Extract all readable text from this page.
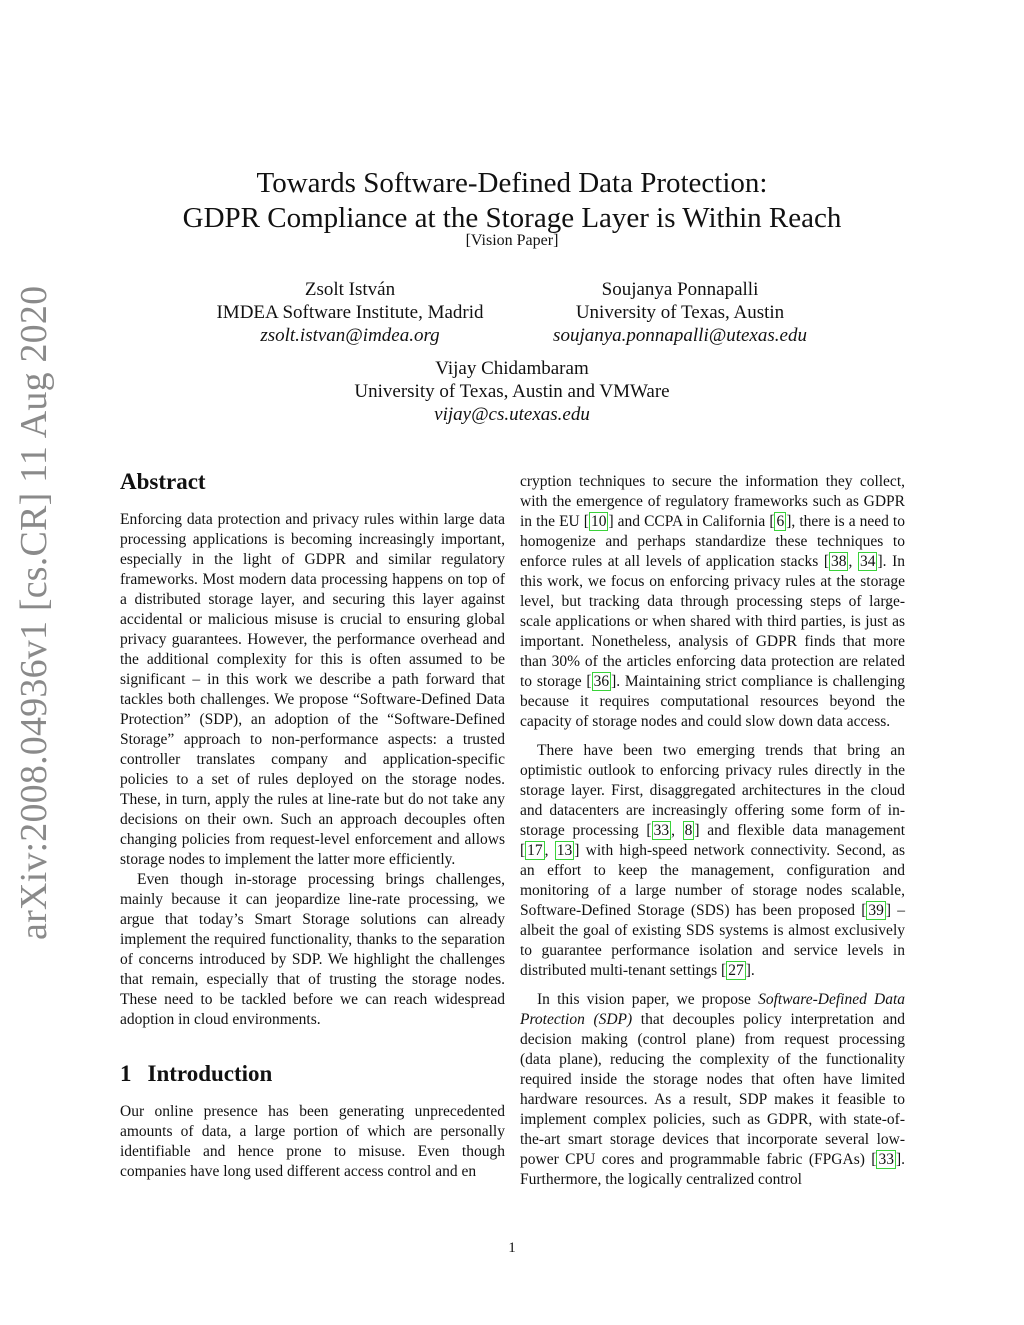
arXiv:2008.04936v1 [cs.CR] 11 Aug 2020
Towards Software-Defined Data Protection:
GDPR Compliance at the Storage Layer is Within Reach
[Vision Paper]
Zsolt István
IMDEA Software Institute, Madrid
zsolt.istvan@imdea.org
Soujanya Ponnapalli
University of Texas, Austin
soujanya.ponnapalli@utexas.edu
Vijay Chidambaram
University of Texas, Austin and VMWare
vijay@cs.utexas.edu
Abstract

Enforcing data protection and privacy rules within large data processing applications is becoming increasingly important, especially in the light of GDPR and similar regulatory frameworks. Most modern data processing happens on top of a distributed storage layer, and securing this layer against accidental or malicious misuse is crucial to ensuring global privacy guarantees. However, the performance overhead and the additional complexity for this is often assumed to be significant – in this work we describe a path forward that tackles both challenges. We propose “Software-Defined Data Protection” (SDP), an adoption of the “Software-Defined Storage” approach to non-performance aspects: a trusted controller translates company and application-specific policies to a set of rules deployed on the storage nodes. These, in turn, apply the rules at line-rate but do not take any decisions on their own. Such an approach decouples often changing policies from request-level enforcement and allows storage nodes to implement the latter more efficiently.

Even though in-storage processing brings challenges, mainly because it can jeopardize line-rate processing, we argue that today’s Smart Storage solutions can already implement the required functionality, thanks to the separation of concerns introduced by SDP. We highlight the challenges that remain, especially that of trusting the storage nodes. These need to be tackled before we can reach widespread adoption in cloud environments.

1 Introduction

Our online presence has been generating unprecedented amounts of data, a large portion of which are personally identifiable and hence prone to misuse. Even though companies have long used different access control and en

cryption techniques to secure the information they collect, with the emergence of regulatory frameworks such as GDPR in the EU [ 10 ] and CCPA in California [ 6 ], there is a need to homogenize and perhaps standardize these techniques to enforce rules at all levels of application stacks [ 38 , 34 ]. In this work, we focus on enforcing privacy rules at the storage level, but tracking data through processing steps of large-scale applications or when shared with third parties, is just as important. Nonetheless, analysis of GDPR finds that more than 30% of the articles enforcing data protection are related to storage [ 36 ]. Maintaining strict compliance is challenging because it requires computational resources beyond the capacity of storage nodes and could slow down data access.

There have been two emerging trends that bring an optimistic outlook to enforcing privacy rules directly in the storage layer. First, disaggregated architectures in the cloud and datacenters are increasingly offering some form of in-storage processing [ 33 , 8 ] and flexible data management [ 17 , 13 ] with high-speed network connectivity. Second, as an effort to keep the management, configuration and monitoring of a large number of storage nodes scalable, Software-Defined Storage (SDS) has been proposed [ 39 ] – albeit the goal of existing SDS systems is almost exclusively to guarantee performance isolation and service levels in distributed multi-tenant settings [ 27 ].

In this vision paper, we propose Software-Defined Data Protection (SDP) that decouples policy interpretation and decision making (control plane) from request processing (data plane), reducing the complexity of the functionality required inside the storage nodes that often have limited hardware resources. As a result, SDP makes it feasible to implement complex policies, such as GDPR, with state-of-the-art smart storage devices that incorporate several low-power CPU cores and programmable fabric (FPGAs) [ 33 ]. Furthermore, the logically centralized control

1
